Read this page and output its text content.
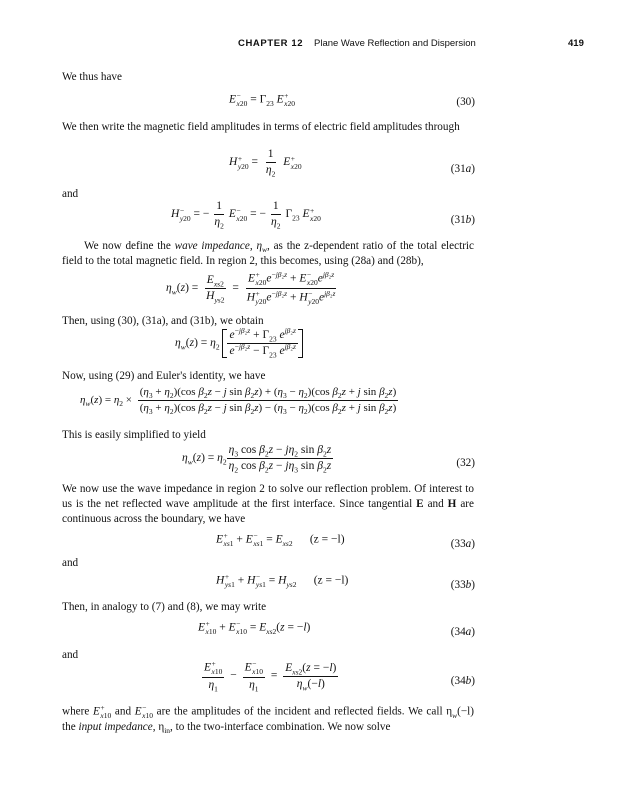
CHAPTER 12 Plane Wave Reflection and Dispersion	419
We thus have
E −
$x20 = \Gamma_{23}$ E +
x20	(30)
We then write the magnetic field amplitudes in terms of electric field amplitudes through
H +
$y20 = \frac{1}{\eta_2}$ E +
x20	(31a)
and
H −
y20 = − $\frac{1}{\eta_2}$ E −
x20 = − $\frac{1}{\eta_2} \Gamma_{23}$ E +
x20	(31b)
We now define the wave impedance, $\eta_w$, as the z-dependent ratio of the total electric field to the total magnetic field. In region 2, this becomes, using (28a) and (28b),
$\eta_w(z) = \frac{E_{xs2}}{H_{ys2}} = E$ +
x20 $e^{-j\beta_2z} + E$ −
x20 $e^{j\beta_2z}$
H +
y20 $e^{-j\beta_2z} + H$ −
y20 $e^{j\beta_2z}$
Then, using (30), (31a), and (31b), we obtain
$\eta_w(z) = \eta_2 \frac{e^{-j\beta_2z} + \Gamma_{23} e^{j\beta_2z}}{e^{-j\beta_2z} - \Gamma_{23} e^{j\beta_2z}}$
Now, using (29) and Euler's identity, we have
$\eta_w(z) = \eta_2$ ×
$(\eta_3 + \eta_2)(\cos$ $\beta_2z - j$ $\sin \beta_2z) + (\eta_3 - \eta_2)(\cos$ $\beta_2z + j$ $\sin \beta_2z$)
$(\eta_3 + \eta_2)(\cos$ $\beta_2z - j$ $\sin \beta_2z) - (\eta_3 - \eta_2)(\cos$ $\beta_2z + j$ $\sin \beta_2z$)
This is easily simplified to yield
$\eta_w(z) = \eta_2 \frac{\eta_3 \cos \beta_2z - j\eta_2 \sin \beta_2z}{\eta_2 \cos \beta_2z - j\eta_3 \sin \beta_2z}$	(32)
We now use the wave impedance in region 2 to solve our reflection problem. Of interest to us is the net reflected wave amplitude at the first interface. Since tangential E and H are continuous across the boundary, we have
E +
xs1 + E −
$xs1 = E_{xs2}$ (z = −l)	(33a)
and
H +
ys1 + H −
$ys1 = H_{ys2}$ (z = −l)	(33b)
Then, in analogy to (7) and (8), we may write
E +
x10 + E −
$x10 = E_{xs2}(z = -l)$	(34a)
and
E +
x10
$\eta_1 - E$ −
x10
$\eta_1 = \frac{E_{xs2}(z = -l)}{\eta_w(-l)}$	(34b)
where E +
x10 and E −
x10 are the amplitudes of the incident and reflected fields. We call $\eta_w(-l)$ the input impedance, $\eta_{in}$, to the two-interface combination. We now solve
